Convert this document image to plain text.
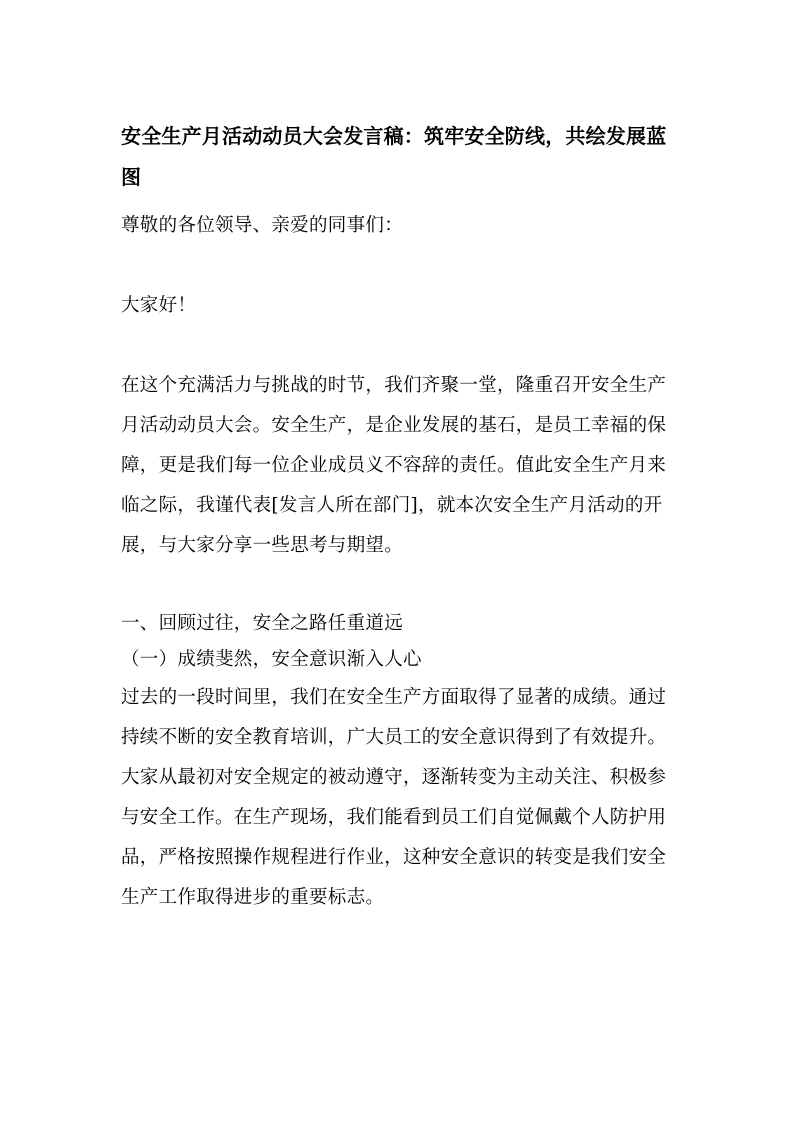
安全生产月活动动员大会发言稿：筑牢安全防线，共绘发展蓝图

尊敬的各位领导、亲爱的同事们：

大家好！

在这个充满活力与挑战的时节，我们齐聚一堂，隆重召开安全生产月活动动员大会。安全生产，是企业发展的基石，是员工幸福的保障，更是我们每一位企业成员义不容辞的责任。值此安全生产月来临之际，我谨代表[发言人所在部门]，就本次安全生产月活动的开展，与大家分享一些思考与期望。

一、回顾过往，安全之路任重道远

（一）成绩斐然，安全意识渐入人心

过去的一段时间里，我们在安全生产方面取得了显著的成绩。通过持续不断的安全教育培训，广大员工的安全意识得到了有效提升。大家从最初对安全规定的被动遵守，逐渐转变为主动关注、积极参与安全工作。在生产现场，我们能看到员工们自觉佩戴个人防护用品，严格按照操作规程进行作业，这种安全意识的转变是我们安全生产工作取得进步的重要标志。
